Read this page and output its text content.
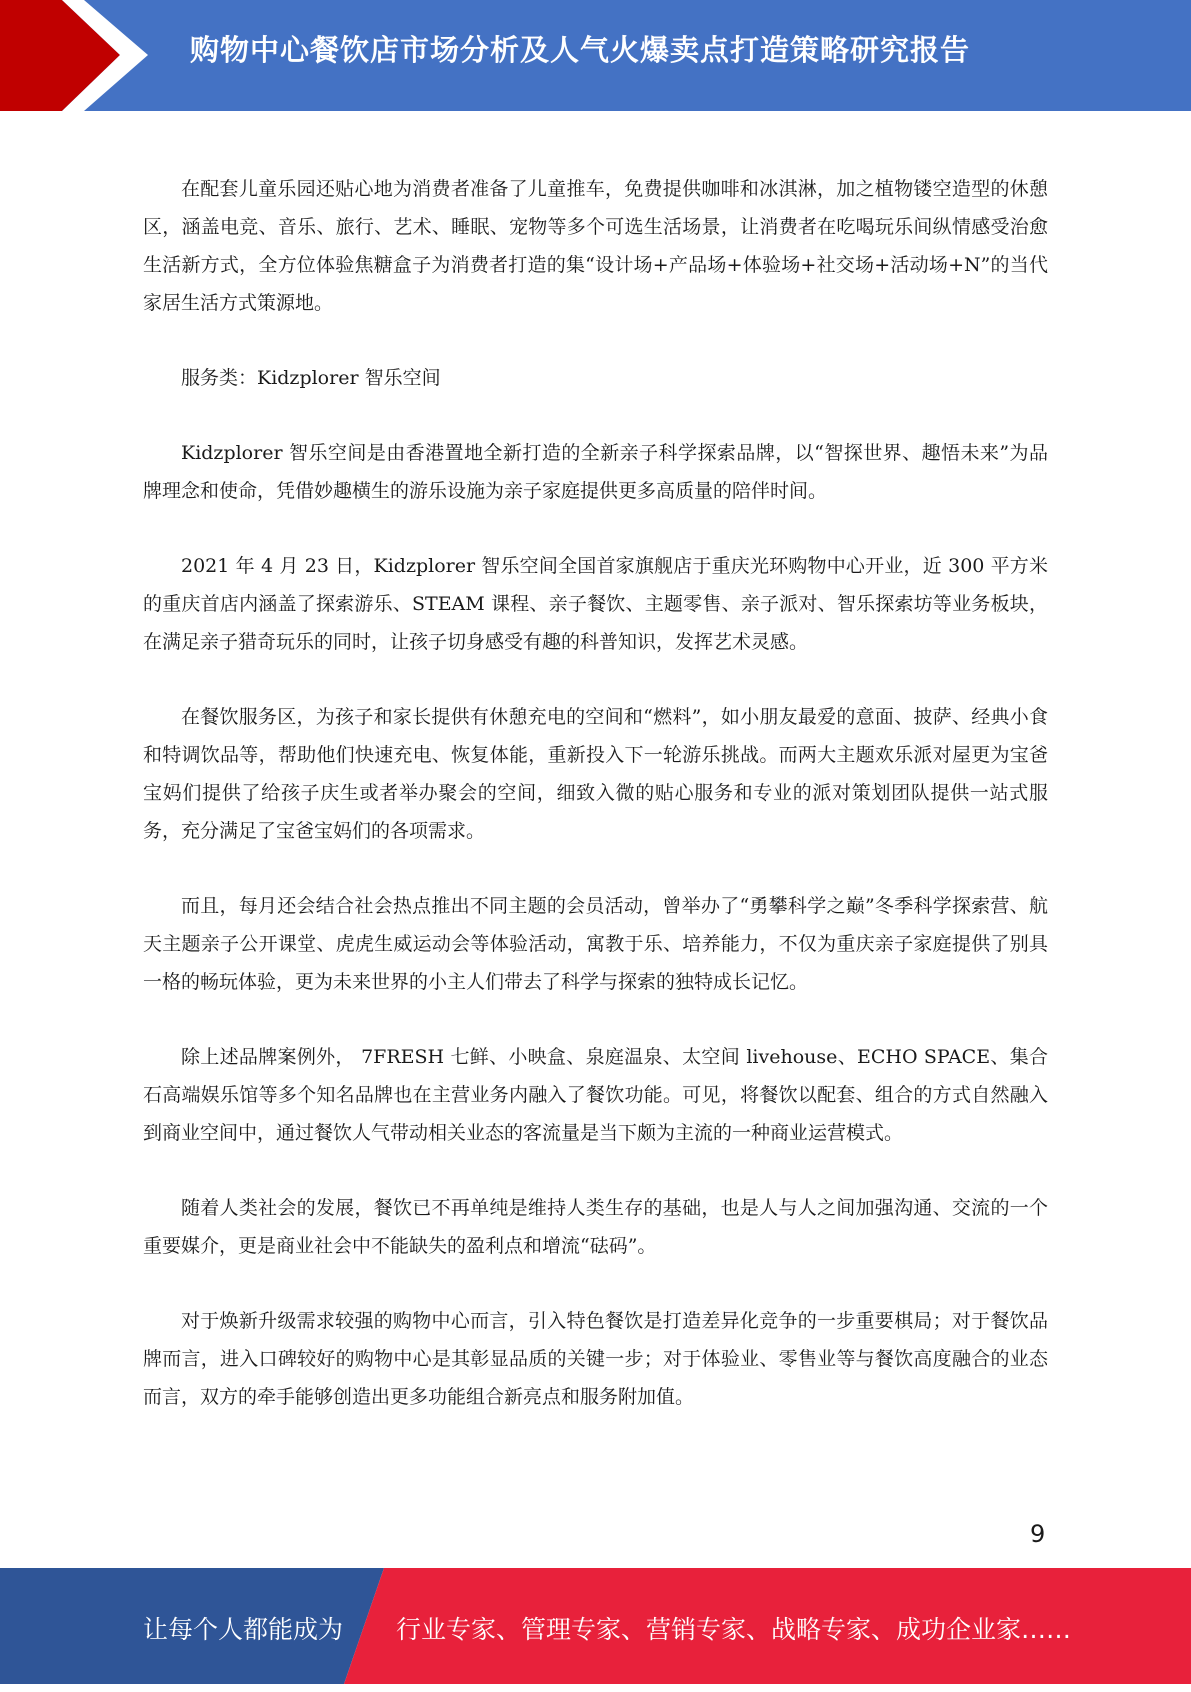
购物中心餐饮店市场分析及人气火爆卖点打造策略研究报告

在配套儿童乐园还贴心地为消费者准备了儿童推车，免费提供咖啡和冰淇淋，加之植物镂空造型的休憩区，涵盖电竞、音乐、旅行、艺术、睡眠、宠物等多个可选生活场景，让消费者在吃喝玩乐间纵情感受治愈生活新方式，全方位体验焦糖盒子为消费者打造的集“设计场+产品场+体验场+社交场+活动场+N”的当代家居生活方式策源地。

服务类：Kidzplorer 智乐空间

Kidzplorer 智乐空间是由香港置地全新打造的全新亲子科学探索品牌，以“智探世界、趣悟未来”为品牌理念和使命，凭借妙趣横生的游乐设施为亲子家庭提供更多高质量的陪伴时间。

2021 年 4 月 23 日，Kidzplorer 智乐空间全国首家旗舰店于重庆光环购物中心开业，近 300 平方米的重庆首店内涵盖了探索游乐、STEAM 课程、亲子餐饮、主题零售、亲子派对、智乐探索坊等业务板块，在满足亲子猎奇玩乐的同时，让孩子切身感受有趣的科普知识，发挥艺术灵感。

在餐饮服务区，为孩子和家长提供有休憩充电的空间和“燃料”，如小朋友最爱的意面、披萨、经典小食和特调饮品等，帮助他们快速充电、恢复体能，重新投入下一轮游乐挑战。而两大主题欢乐派对屋更为宝爸宝妈们提供了给孩子庆生或者举办聚会的空间，细致入微的贴心服务和专业的派对策划团队提供一站式服务，充分满足了宝爸宝妈们的各项需求。

而且，每月还会结合社会热点推出不同主题的会员活动，曾举办了“勇攀科学之巅”冬季科学探索营、航天主题亲子公开课堂、虎虎生威运动会等体验活动，寓教于乐、培养能力，不仅为重庆亲子家庭提供了别具一格的畅玩体验，更为未来世界的小主人们带去了科学与探索的独特成长记忆。

除上述品牌案例外， 7FRESH 七鲜、小映盒、泉庭温泉、太空间 livehouse、ECHO SPACE、集合石高端娱乐馆等多个知名品牌也在主营业务内融入了餐饮功能。可见，将餐饮以配套、组合的方式自然融入到商业空间中，通过餐饮人气带动相关业态的客流量是当下颇为主流的一种商业运营模式。

随着人类社会的发展，餐饮已不再单纯是维持人类生存的基础，也是人与人之间加强沟通、交流的一个重要媒介，更是商业社会中不能缺失的盈利点和增流“砝码”。

对于焕新升级需求较强的购物中心而言，引入特色餐饮是打造差异化竞争的一步重要棋局；对于餐饮品牌而言，进入口碑较好的购物中心是其彰显品质的关键一步；对于体验业、零售业等与餐饮高度融合的业态而言，双方的牵手能够创造出更多功能组合新亮点和服务附加值。

9
让每个人都能成为 行业专家、管理专家、营销专家、战略专家、成功企业家……
